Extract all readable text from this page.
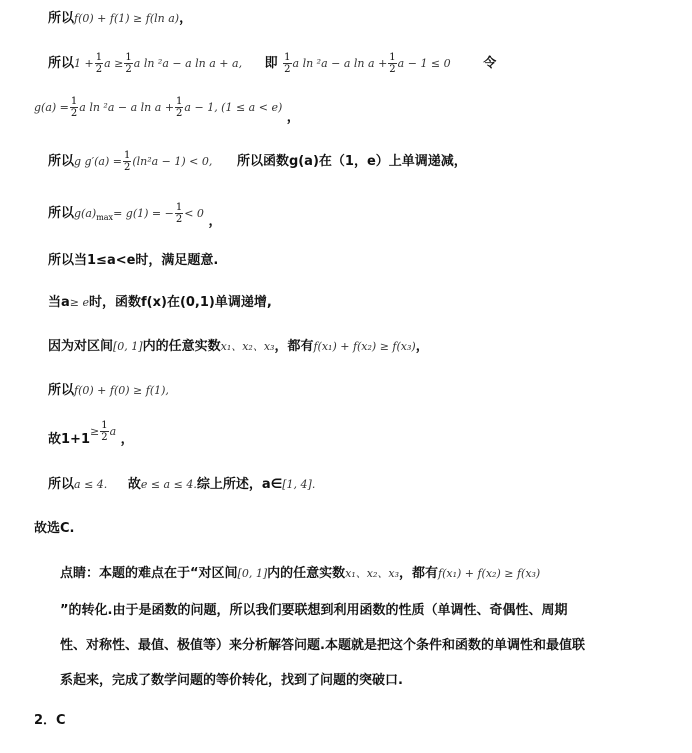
所以f(0) + f(1) ≥ f(ln a)，
所以$1 + \frac{1}{2}$ $a \ge \frac{1}{2}$ a ln ²a − a ln a + a, 即 $\frac{1}{2}$ a ln ²a − a $\ln a + \frac{1}{2}$ a − 1 ≤ 0	令
$g(a) = \frac{1}{2}$ a ln ²a − a $\ln a + \frac{1}{2}$ a − 1, (1 ≤ a < e) ，
所以g $g'(a) = \frac{1}{2} (\ln^2a - 1) < 0$, 所以函数g(a)在（1，e）上单调递减，
所以$g(a)_{max}= g(1)$ = − $\frac{1}{2} < 0$ ，
所以当1≤a<e时，满足题意.
当a≥ e时，函数f(x)在(0,1)单调递增,
因为对区间[0, 1]内的任意实数x₁、x₂、x₃，都有f(x₁) + f(x₂) ≥ f(x₃)，
所以f(0) + f(0) ≥ f(1),
故$1+1^\ge \frac{1}{2} ^a$ ，
所以a ≤ 4. 故e ≤ a ≤ 4.综上所述，a∈[1, 4].
故选C.
点睛：本题的难点在于“对区间[0, 1]内的任意实数x₁、x₂、x₃，都有f(x₁) + f(x₂) ≥ f(x₃)
”的转化.由于是函数的问题，所以我们要联想到利用函数的性质（单调性、奇偶性、周期
性、对称性、最值、极值等）来分析解答问题.本题就是把这个条件和函数的单调性和最值联
系起来，完成了数学问题的等价转化，找到了问题的突破口.
2．C
